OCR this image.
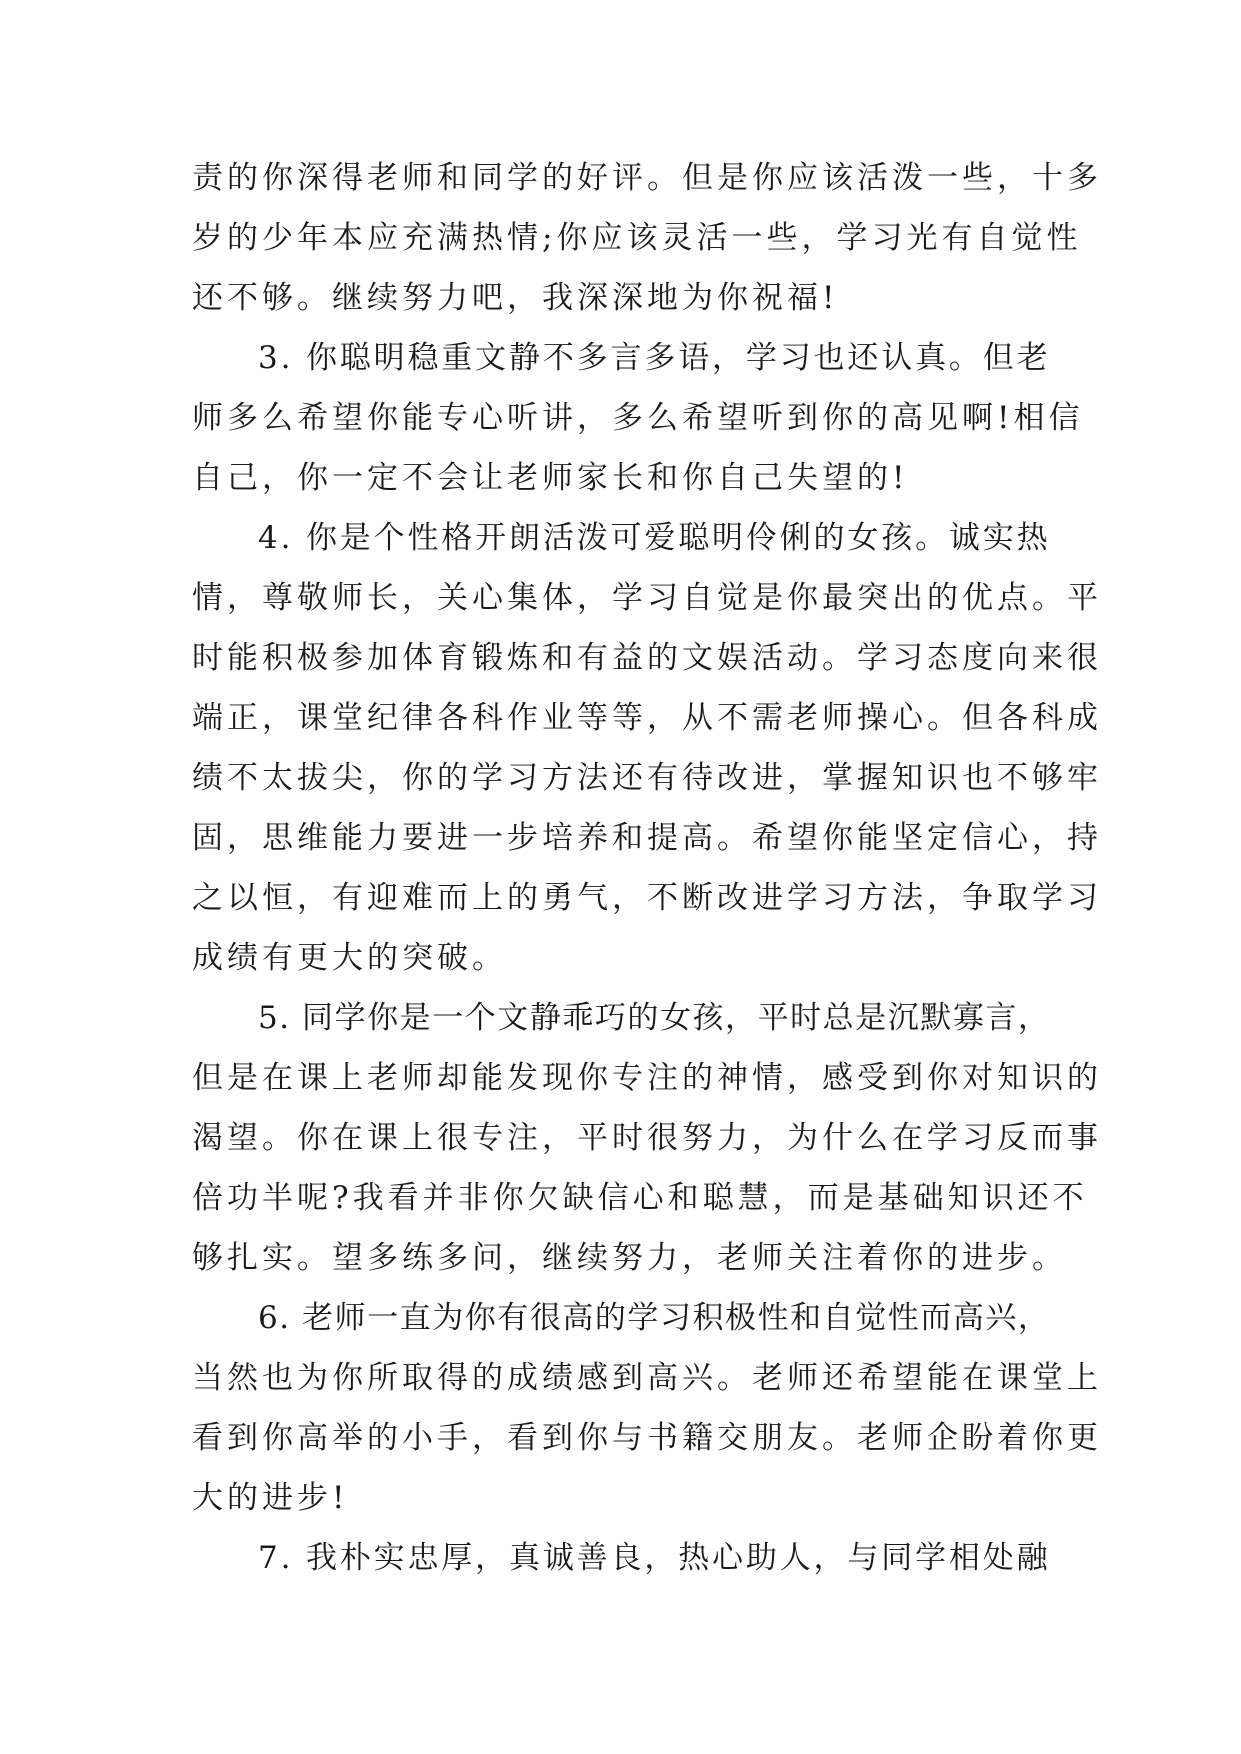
责的你深得老师和同学的好评。但是你应该活泼一些，十多
岁的少年本应充满热情;你应该灵活一些，学习光有自觉性
还不够。继续努力吧，我深深地为你祝福!
3. 你聪明稳重文静不多言多语，学习也还认真。但老
师多么希望你能专心听讲，多么希望听到你的高见啊!相信
自己，你一定不会让老师家长和你自己失望的!
4. 你是个性格开朗活泼可爱聪明伶俐的女孩。诚实热
情，尊敬师长，关心集体，学习自觉是你最突出的优点。平
时能积极参加体育锻炼和有益的文娱活动。学习态度向来很
端正，课堂纪律各科作业等等，从不需老师操心。但各科成
绩不太拔尖，你的学习方法还有待改进，掌握知识也不够牢
固，思维能力要进一步培养和提高。希望你能坚定信心，持
之以恒，有迎难而上的勇气，不断改进学习方法，争取学习
成绩有更大的突破。
5. 同学你是一个文静乖巧的女孩，平时总是沉默寡言，
但是在课上老师却能发现你专注的神情，感受到你对知识的
渴望。你在课上很专注，平时很努力，为什么在学习反而事
倍功半呢?我看并非你欠缺信心和聪慧，而是基础知识还不
够扎实。望多练多问，继续努力，老师关注着你的进步。
6. 老师一直为你有很高的学习积极性和自觉性而高兴，
当然也为你所取得的成绩感到高兴。老师还希望能在课堂上
看到你高举的小手，看到你与书籍交朋友。老师企盼着你更
大的进步!
7. 我朴实忠厚，真诚善良，热心助人，与同学相处融
